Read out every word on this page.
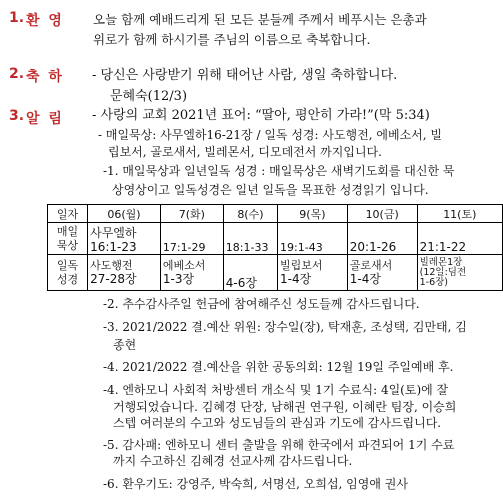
1. 환 영 오늘 함께 예배드리게 된 모든 분들께 주께서 베푸시는 은총과
위로가 함께 하시기를 주님의 이름으로 축복합니다.
2. 축 하 - 당신은 사랑받기 위해 태어난 사람, 생일 축하합니다.
문혜숙(12/3)
3. 알 림 - 사랑의 교회 2021년 표어: “딸아, 평안히 가라!”(막 5:34)
- 매일묵상: 사무엘하16-21장 / 일독 성경: 사도행전, 에베소서, 빌
립보서, 골로새서, 빌레몬서, 디모데전서 까지입니다.
-1. 매일묵상과 일년일독 성경 : 매일묵상은 새벽기도회를 대신한 묵
상영상이고 일독성경은 일년 일독을 목표한 성경읽기 입니다.
일자	06(월)	7(화)	8(수)	9(목)	10(금)	11(토)
매일
묵상	사무엘하
16:1-23	17:1-29	18:1-33	19:1-43	20:1-26	21:1-22

일독
성경	사도행전
27-28장	에베소서
1-3장	4-6장	빌립보서
1-4장	골로새서
1-4장	빌레몬1장
(12일:딤전
1-6장)
-2. 추수감사주일 헌금에 참여해주신 성도들께 감사드립니다.
-3. 2021/2022 결.예산 위원: 장수일(장), 탁재훈, 조성택, 김만태, 김
종현
-4. 2021/2022 결.예산을 위한 공동의회: 12월 19일 주일예배 후.
-4. 엔하모니 사회적 처방센터 개소식 및 1기 수료식: 4일(토)에 잘
거행되었습니다. 김혜경 단장, 남해권 연구원, 이혜란 팀장, 이승희
스텝 여러분의 수고와 성도님들의 관심과 기도에 감사드립니다.
-5. 감사패: 엔하모니 센터 출발을 위해 한국에서 파견되어 1기 수료
까지 수고하신 김혜경 선교사께 감사드립니다.
-6. 환우기도: 강영주, 박숙희, 서명선, 오희섭, 임영애 권사
